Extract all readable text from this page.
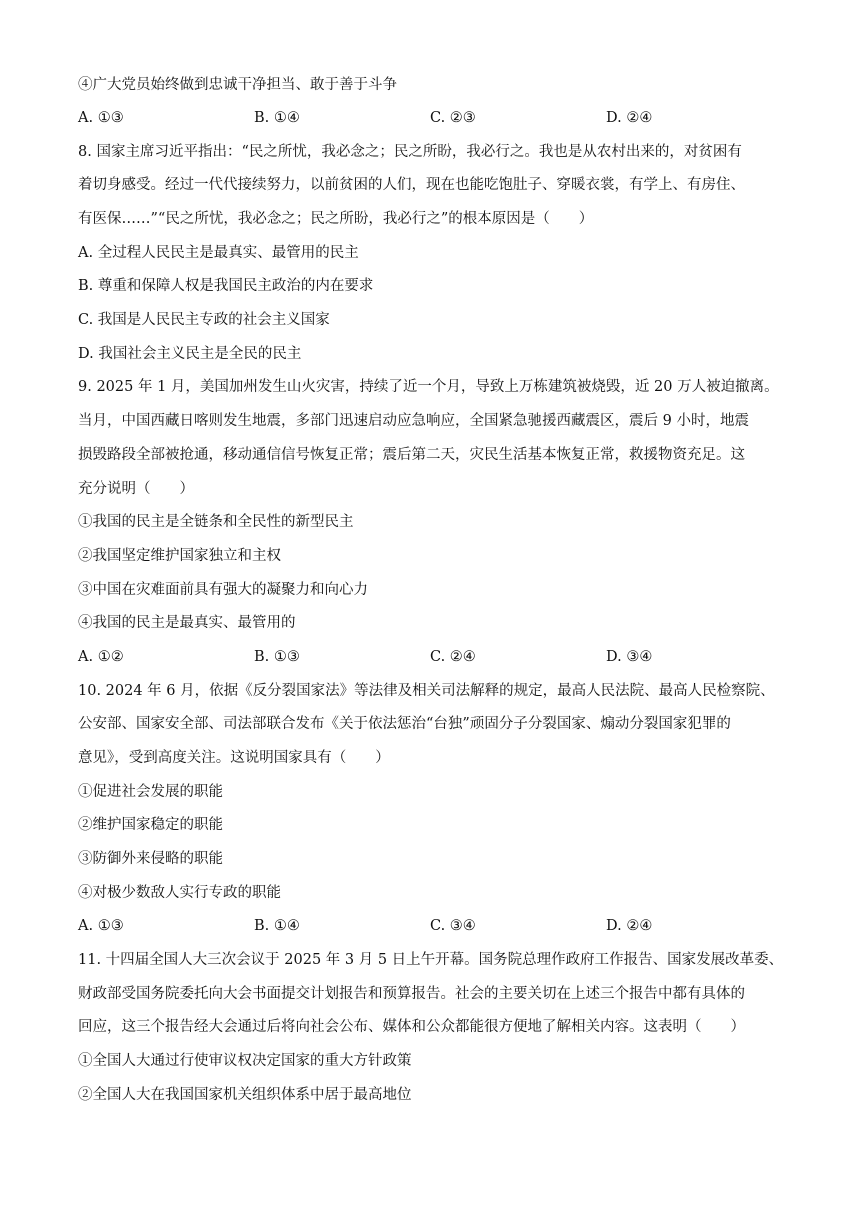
④广大党员始终做到忠诚干净担当、敢于善于斗争
A. ①③	B. ①④	C. ②③	D. ②④
8. 国家主席习近平指出：“民之所忧，我必念之；民之所盼，我必行之。我也是从农村出来的，对贫困有
着切身感受。经过一代代接续努力，以前贫困的人们，现在也能吃饱肚子、穿暖衣裳，有学上、有房住、
有医保……”“民之所忧，我必念之；民之所盼，我必行之”的根本原因是（　　）
A. 全过程人民民主是最真实、最管用的民主
B. 尊重和保障人权是我国民主政治的内在要求
C. 我国是人民民主专政的社会主义国家
D. 我国社会主义民主是全民的民主
9. 2025 年 1 月，美国加州发生山火灾害，持续了近一个月，导致上万栋建筑被烧毁，近 20 万人被迫撤离。
当月，中国西藏日喀则发生地震，多部门迅速启动应急响应，全国紧急驰援西藏震区，震后 9 小时，地震
损毁路段全部被抢通，移动通信信号恢复正常；震后第二天，灾民生活基本恢复正常，救援物资充足。这
充分说明（　　）
①我国的民主是全链条和全民性的新型民主
②我国坚定维护国家独立和主权
③中国在灾难面前具有强大的凝聚力和向心力
④我国的民主是最真实、最管用的
A. ①②	B. ①③	C. ②④	D. ③④
10. 2024 年 6 月，依据《反分裂国家法》等法律及相关司法解释的规定，最高人民法院、最高人民检察院、
公安部、国家安全部、司法部联合发布《关于依法惩治“台独”顽固分子分裂国家、煽动分裂国家犯罪的
意见》，受到高度关注。这说明国家具有（　　）
①促进社会发展的职能
②维护国家稳定的职能
③防御外来侵略的职能
④对极少数敌人实行专政的职能
A. ①③	B. ①④	C. ③④	D. ②④
11. 十四届全国人大三次会议于 2025 年 3 月 5 日上午开幕。国务院总理作政府工作报告、国家发展改革委、
财政部受国务院委托向大会书面提交计划报告和预算报告。社会的主要关切在上述三个报告中都有具体的
回应，这三个报告经大会通过后将向社会公布、媒体和公众都能很方便地了解相关内容。这表明（　　）
①全国人大通过行使审议权决定国家的重大方针政策
②全国人大在我国国家机关组织体系中居于最高地位
